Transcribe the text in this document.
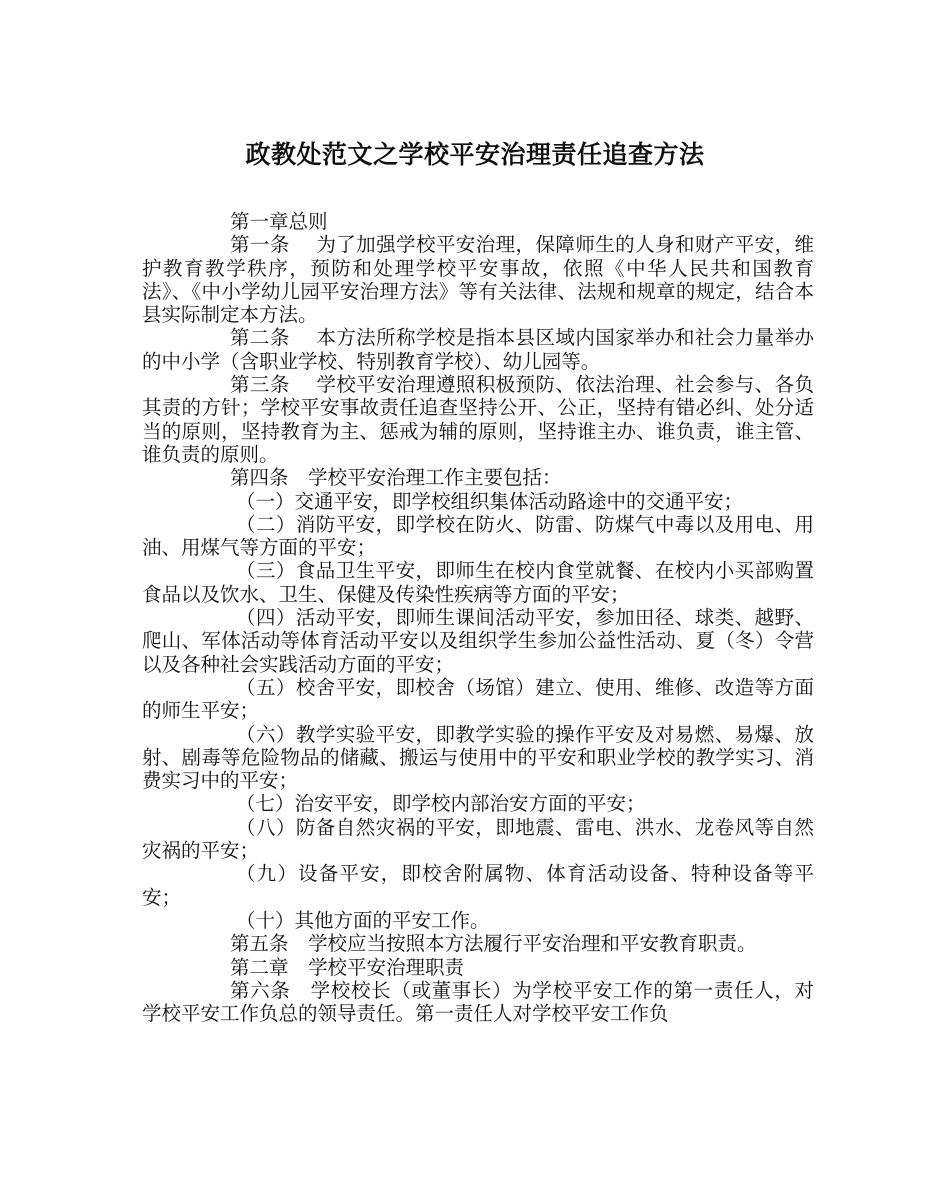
政教处范文之学校平安治理责任追查方法

第一章总则

第一条　 为了加强学校平安治理，保障师生的人身和财产平安，维护教育教学秩序，预防和处理学校平安事故，依照《中华人民共和国教育法》、《中小学幼儿园平安治理方法》等有关法律、法规和规章的规定，结合本县实际制定本方法。

第二条　 本方法所称学校是指本县区域内国家举办和社会力量举办的中小学（含职业学校、特别教育学校）、幼儿园等。

第三条　 学校平安治理遵照积极预防、依法治理、社会参与、各负其责的方针；学校平安事故责任追查坚持公开、公正，坚持有错必纠、处分适当的原则，坚持教育为主、惩戒为辅的原则，坚持谁主办、谁负责，谁主管、谁负责的原则。

第四条　学校平安治理工作主要包括：

（一）交通平安，即学校组织集体活动路途中的交通平安；

（二）消防平安，即学校在防火、防雷、防煤气中毒以及用电、用油、用煤气等方面的平安；

（三）食品卫生平安，即师生在校内食堂就餐、在校内小买部购置食品以及饮水、卫生、保健及传染性疾病等方面的平安；

（四）活动平安，即师生课间活动平安，参加田径、球类、越野、爬山、军体活动等体育活动平安以及组织学生参加公益性活动、夏（冬）令营以及各种社会实践活动方面的平安；

（五）校舍平安，即校舍（场馆）建立、使用、维修、改造等方面的师生平安；

（六）教学实验平安，即教学实验的操作平安及对易燃、易爆、放射、剧毒等危险物品的储藏、搬运与使用中的平安和职业学校的教学实习、消费实习中的平安；

（七）治安平安，即学校内部治安方面的平安；

（八）防备自然灾祸的平安，即地震、雷电、洪水、龙卷风等自然灾祸的平安；

（九）设备平安，即校舍附属物、体育活动设备、特种设备等平安；

（十）其他方面的平安工作。

第五条　学校应当按照本方法履行平安治理和平安教育职责。

第二章　学校平安治理职责

第六条　学校校长（或董事长）为学校平安工作的第一责任人，对学校平安工作负总的领导责任。第一责任人对学校平安工作负
